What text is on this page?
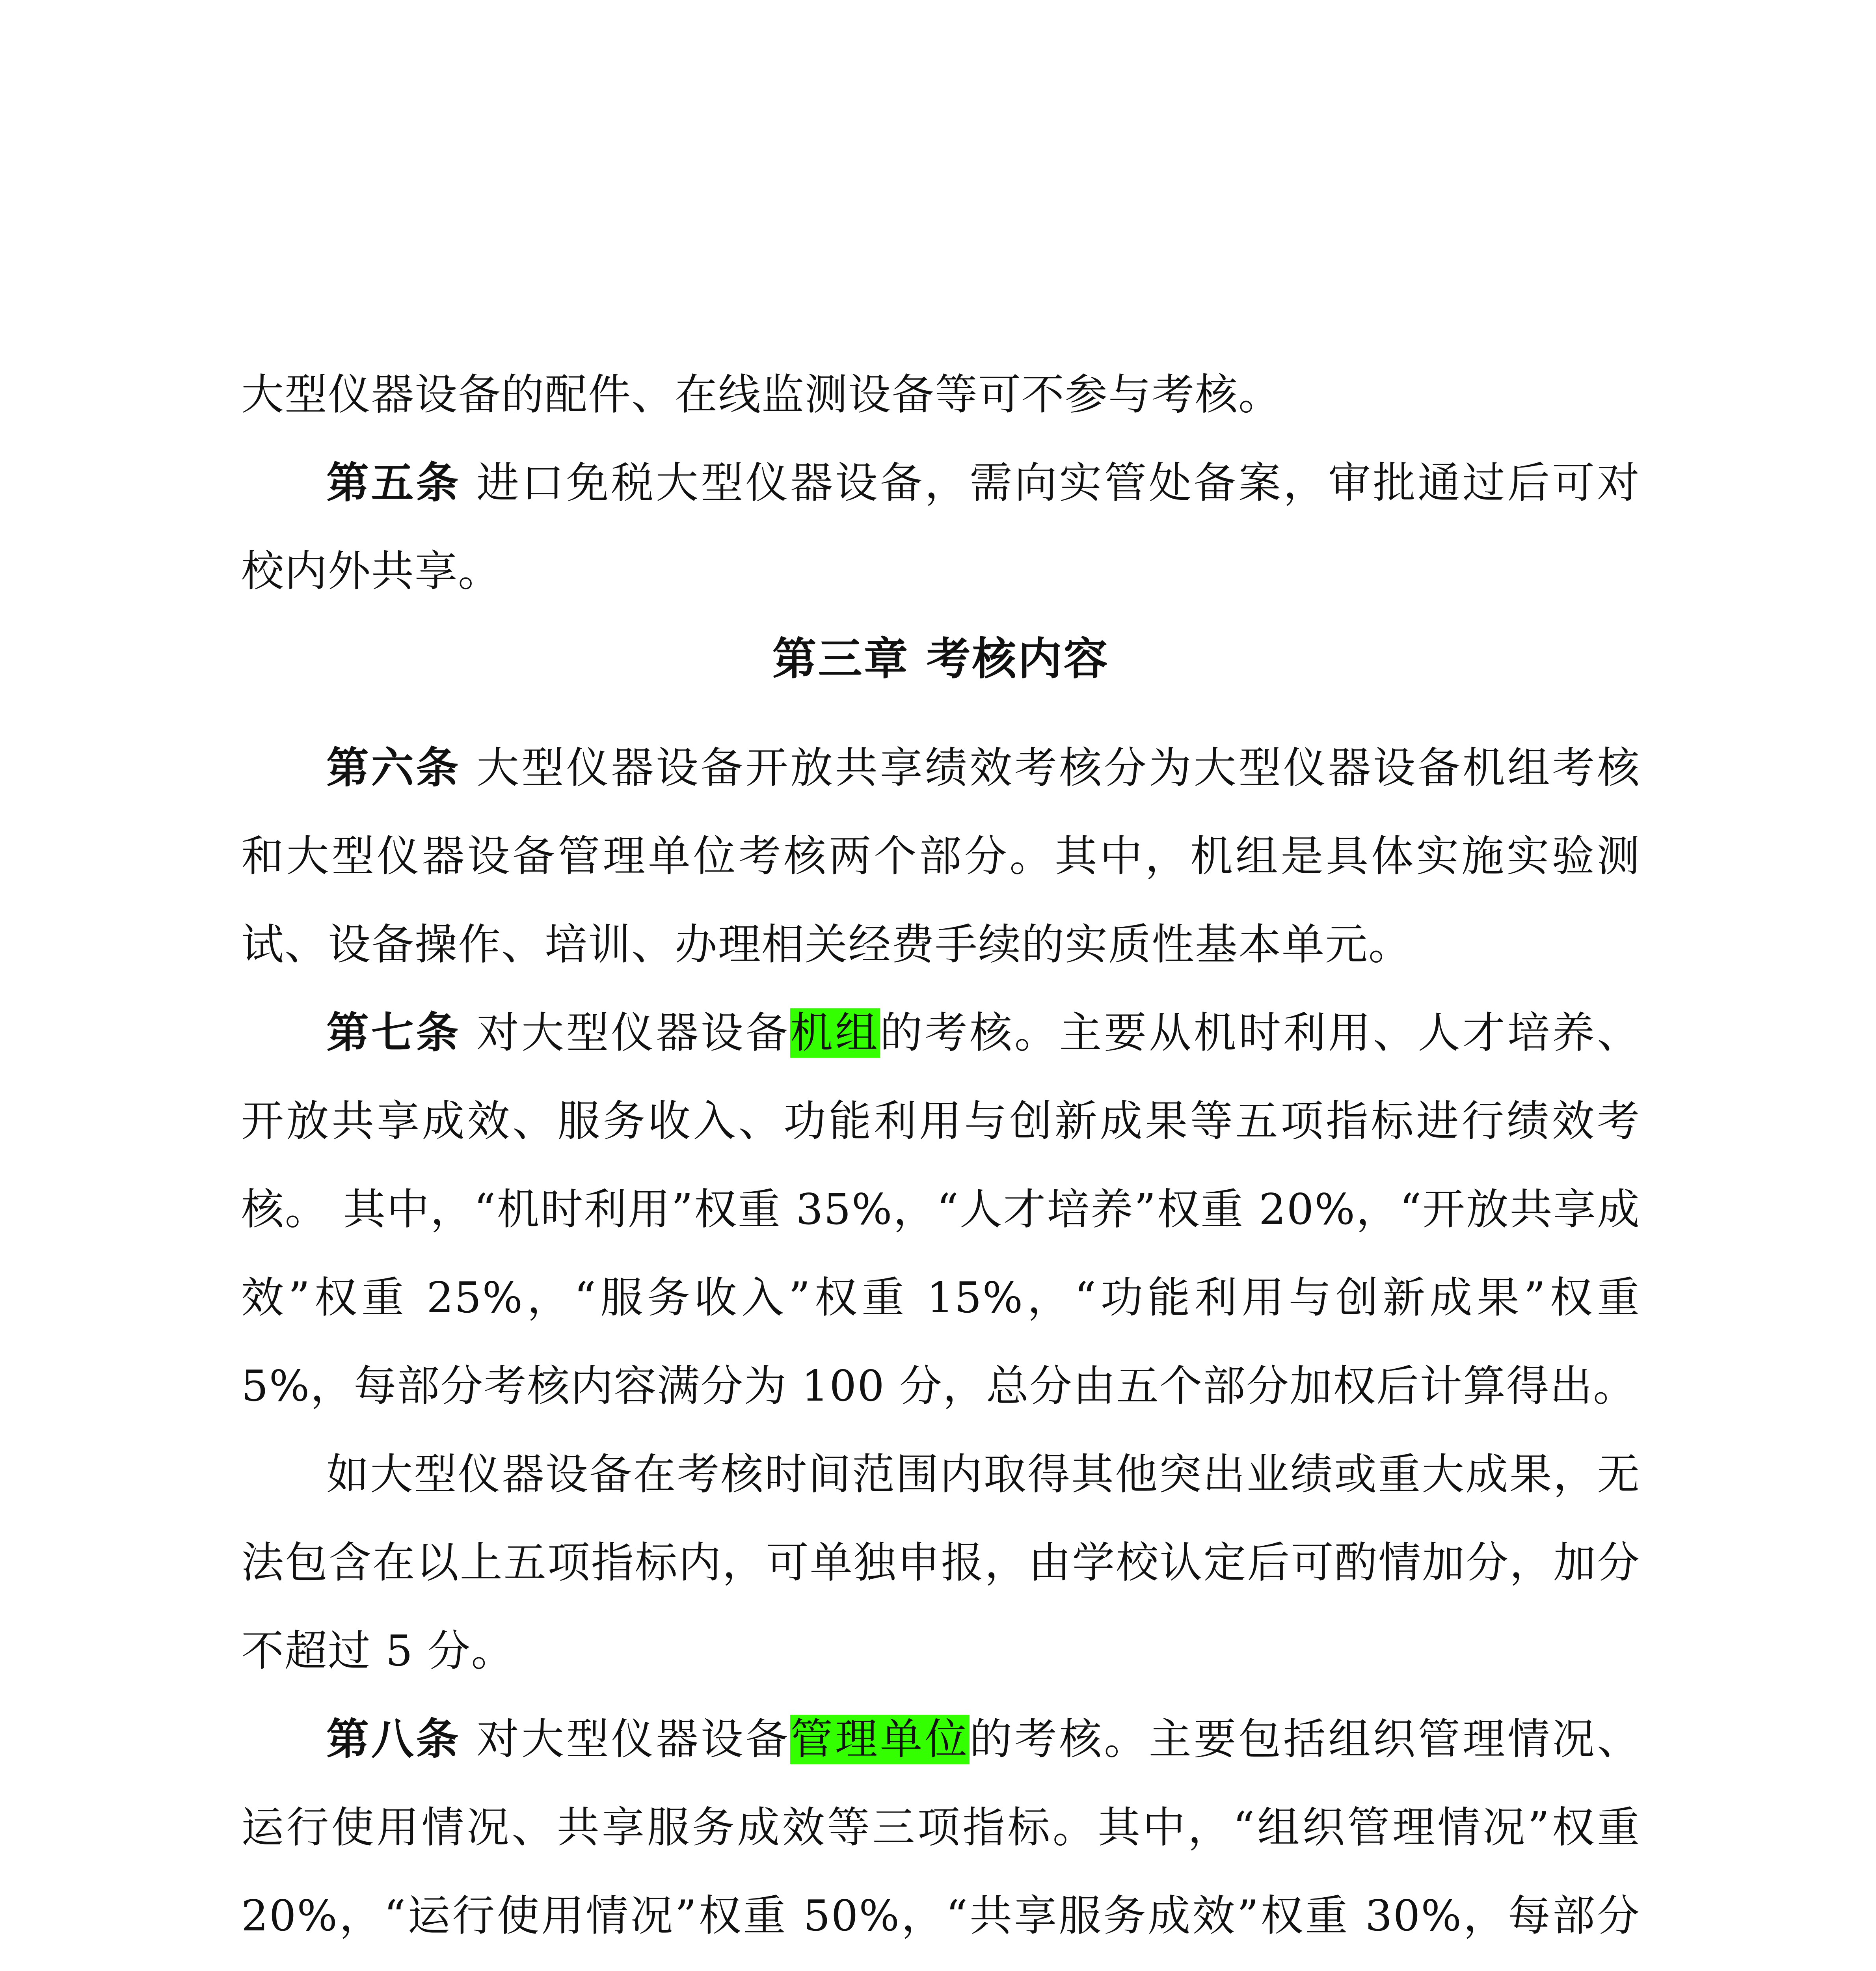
大型仪器设备的配件、在线监测设备等可不参与考核。

第五条 进口免税大型仪器设备，需向实管处备案，审批通过后可对校内外共享。

第三章 考核内容

第六条 大型仪器设备开放共享绩效考核分为大型仪器设备机组考核和大型仪器设备管理单位考核两个部分。其中，机组是具体实施实验测试、设备操作、培训、办理相关经费手续的实质性基本单元。

第七条 对大型仪器设备机组的考核。主要从机时利用、人才培养、开放共享成效、服务收入、功能利用与创新成果等五项指标进行绩效考核。 其中，“机时利用”权重 35%，“人才培养”权重 20%，“开放共享成效”权重 25%，“服务收入”权重 15%，“功能利用与创新成果”权重 5%，每部分考核内容满分为 100 分，总分由五个部分加权后计算得出。

如大型仪器设备在考核时间范围内取得其他突出业绩或重大成果，无法包含在以上五项指标内，可单独申报，由学校认定后可酌情加分，加分不超过 5 分。

第八条 对大型仪器设备管理单位的考核。主要包括组织管理情况、运行使用情况、共享服务成效等三项指标。其中，“组织管理情况”权重 20%，“运行使用情况”权重 50%，“共享服务成效”权重 30%，每部分
